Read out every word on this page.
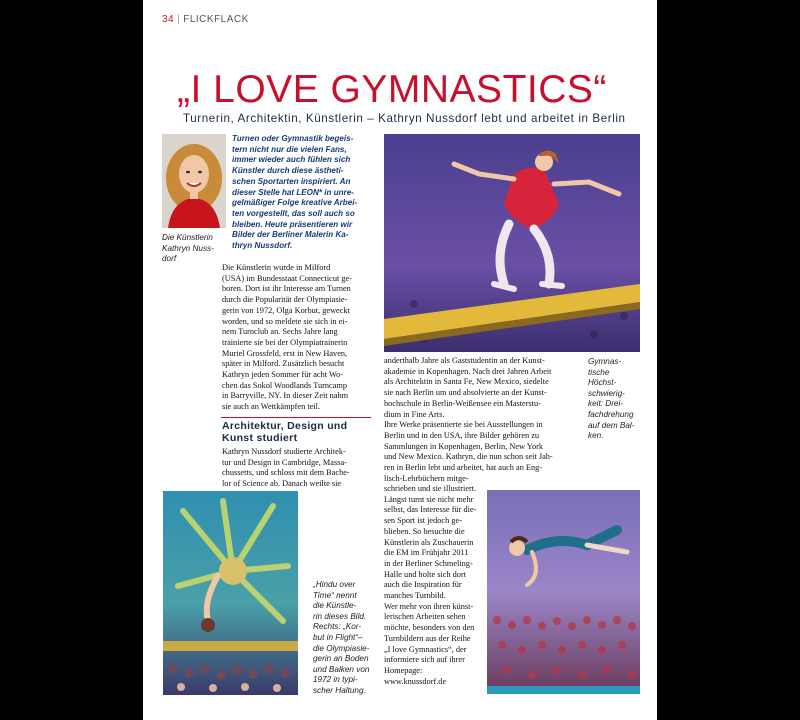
34 | FLICKFLACK
„I LOVE GYMNASTICS“
Turnerin, Architektin, Künstlerin – Kathryn Nussdorf lebt und arbeitet in Berlin
Die Künstlerin
Kathryn Nuss-
dorf
Turnen oder Gymnastik begeis-
tern nicht nur die vielen Fans,
immer wieder auch fühlen sich
Künstler durch diese ästheti-
schen Sportarten inspiriert. An
dieser Stelle hat LEON* in unre-
gelmäßiger Folge kreative Arbei-
ten vorgestellt, das soll auch so
bleiben. Heute präsentieren wir
Bilder der Berliner Malerin Ka-
thryn Nussdorf.

Die Künstlerin wurde in Milford

(USA) im Bundesstaat Connecticut ge-

boren. Dort ist ihr Interesse am Turnen

durch die Popularität der Olympiasie-

gerin von 1972, Olga Korbut, geweckt

worden, und so meldete sie sich in ei-

nem Turnclub an. Sechs Jahre lang

trainierte sie bei der Olympiatrainerin

Muriel Grossfeld, erst in New Haven,

später in Milford. Zusätzlich besucht

Kathryn jeden Sommer für acht Wo-

chen das Sokol Woodlands Turncamp

in Barryville, NY. In dieser Zeit nahm

sie auch an Wettkämpfen teil.

Architektur, Design und
Kunst studiert

Kathryn Nussdorf studierte Architek-

tur und Design in Cambridge, Massa-

chussetts, und schloss mit dem Bache-

lor of Science ab. Danach weilte sie

Gymnas-
tische
Höchst-
schwierig-
keit: Drei-
fachdrehung
auf dem Bal-
ken.

anderthalb Jahre als Gaststudentin an der Kunst-

akademie in Kopenhagen. Nach drei Jahren Arbeit

als Architektin in Santa Fe, New Mexico, siedelte

sie nach Berlin um und absolvierte an der Kunst-

hochschule in Berlin-Weißensee ein Masterstu-

dium in Fine Arts.

Ihre Werke präsentierte sie bei Ausstellungen in

Berlin und in den USA, ihre Bilder gehören zu

Sammlungen in Kopenhagen, Berlin, New York

und New Mexico. Kathryn, die nun schon seit Jah-

ren in Berlin lebt und arbeitet, hat auch an Eng-

lisch-Lehrbüchern mitge-

schrieben und sie illustriert.

Längst turnt sie nicht mehr

selbst, das Interesse für die-

sen Sport ist jedoch ge-

blieben. So besuchte die

Künstlerin als Zuschauerin

die EM im Frühjahr 2011

in der Berliner Schmeling-

Halle und holte sich dort

auch die Inspiration für

manches Turnbild.

Wer mehr von ihren künst-

lerischen Arbeiten sehen

möchte, besonders von den

Turnbildern aus der Reihe

„I love Gymnastics“, der

informiere sich auf ihrer

Homepage:

www.knussdorf.de

„Hindu over
Time“ nennt
die Künstle-
rin dieses Bild.
Rechts: „Kor-
but in Flight“–
die Olympiasie-
gerin an Boden
und Balken von
1972 in typi-
scher Haltung.
